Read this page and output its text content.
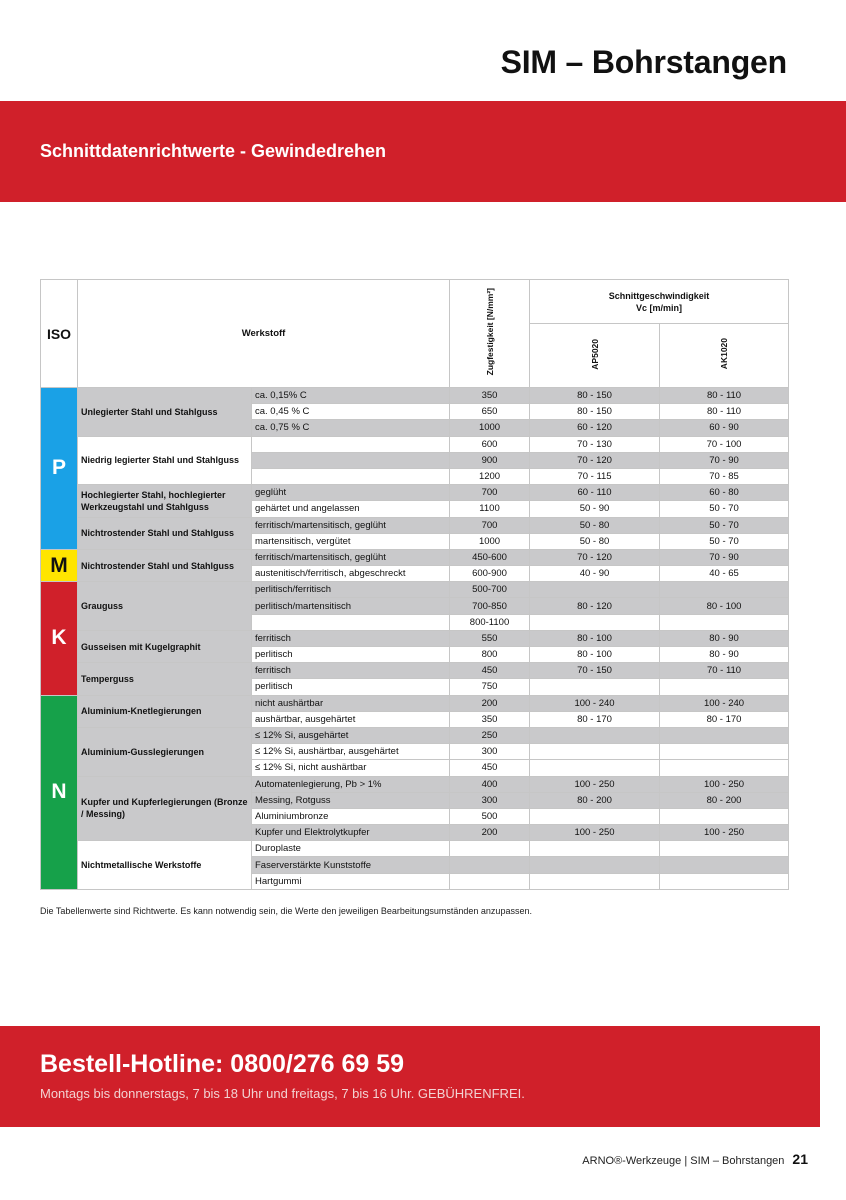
SIM – Bohrstangen
Schnittdatenrichtwerte - Gewindedrehen
ISO	Werkstoff		Zugfestigkeit [N/mm²]	Schnittgeschwindigkeit
Vc [m/min]	
				AP5020	AK1020
P	Unlegierter Stahl und Stahlguss	ca. 0,15% C	350	80 - 150	80 - 110
		ca. 0,45 % C	650	80 - 150	80 - 110
		ca. 0,75 % C	1000	60 - 120	60 - 90
	Niedrig legierter Stahl und Stahlguss		600	70 - 130	70 - 100
			900	70 - 120	70 - 90
			1200	70 - 115	70 - 85
	Hochlegierter Stahl, hochlegierter Werkzeugstahl und Stahlguss	geglüht	700	60 - 110	60 - 80
		gehärtet und angelassen	1100	50 - 90	50 - 70
	Nichtrostender Stahl und Stahlguss	ferritisch/martensitisch, geglüht	700	50 - 80	50 - 70
		martensitisch, vergütet	1000	50 - 80	50 - 70
M	Nichtrostender Stahl und Stahlguss	ferritisch/martensitisch, geglüht	450-600	70 - 120	70 - 90
		austenitisch/ferritisch, abgeschreckt	600-900	40 - 90	40 - 65
K	Grauguss	perlitisch/ferritisch	500-700		
		perlitisch/martensitisch	700-850	80 - 120	80 - 100
			800-1100		
	Gusseisen mit Kugelgraphit	ferritisch	550	80 - 100	80 - 90
		perlitisch	800	80 - 100	80 - 90
	Temperguss	ferritisch	450	70 - 150	70 - 110
		perlitisch	750		
N	Aluminium-Knetlegierungen	nicht aushärtbar	200	100 - 240	100 - 240
		aushärtbar, ausgehärtet	350	80 - 170	80 - 170
	Aluminium-Gusslegierungen	≤ 12% Si, ausgehärtet	250		
		≤ 12% Si, aushärtbar, ausgehärtet	300		
		≤ 12% Si, nicht aushärtbar	450		
	Kupfer und Kupferlegierungen (Bronze / Messing)	Automatenlegierung, Pb > 1%	400	100 - 250	100 - 250
		Messing, Rotguss	300	80 - 200	80 - 200
		Aluminiumbronze	500		
		Kupfer und Elektrolytkupfer	200	100 - 250	100 - 250
	Nichtmetallische Werkstoffe	Duroplaste			
		Faserverstärkte Kunststoffe			
		Hartgummi			
Die Tabellenwerte sind Richtwerte. Es kann notwendig sein, die Werte den jeweiligen Bearbeitungsumständen anzupassen.
Bestell-Hotline: 0800/276 69 59
Montags bis donnerstags, 7 bis 18 Uhr und freitags, 7 bis 16 Uhr. GEBÜHRENFREI.
ARNO®-Werkzeuge | SIM – Bohrstangen 21
